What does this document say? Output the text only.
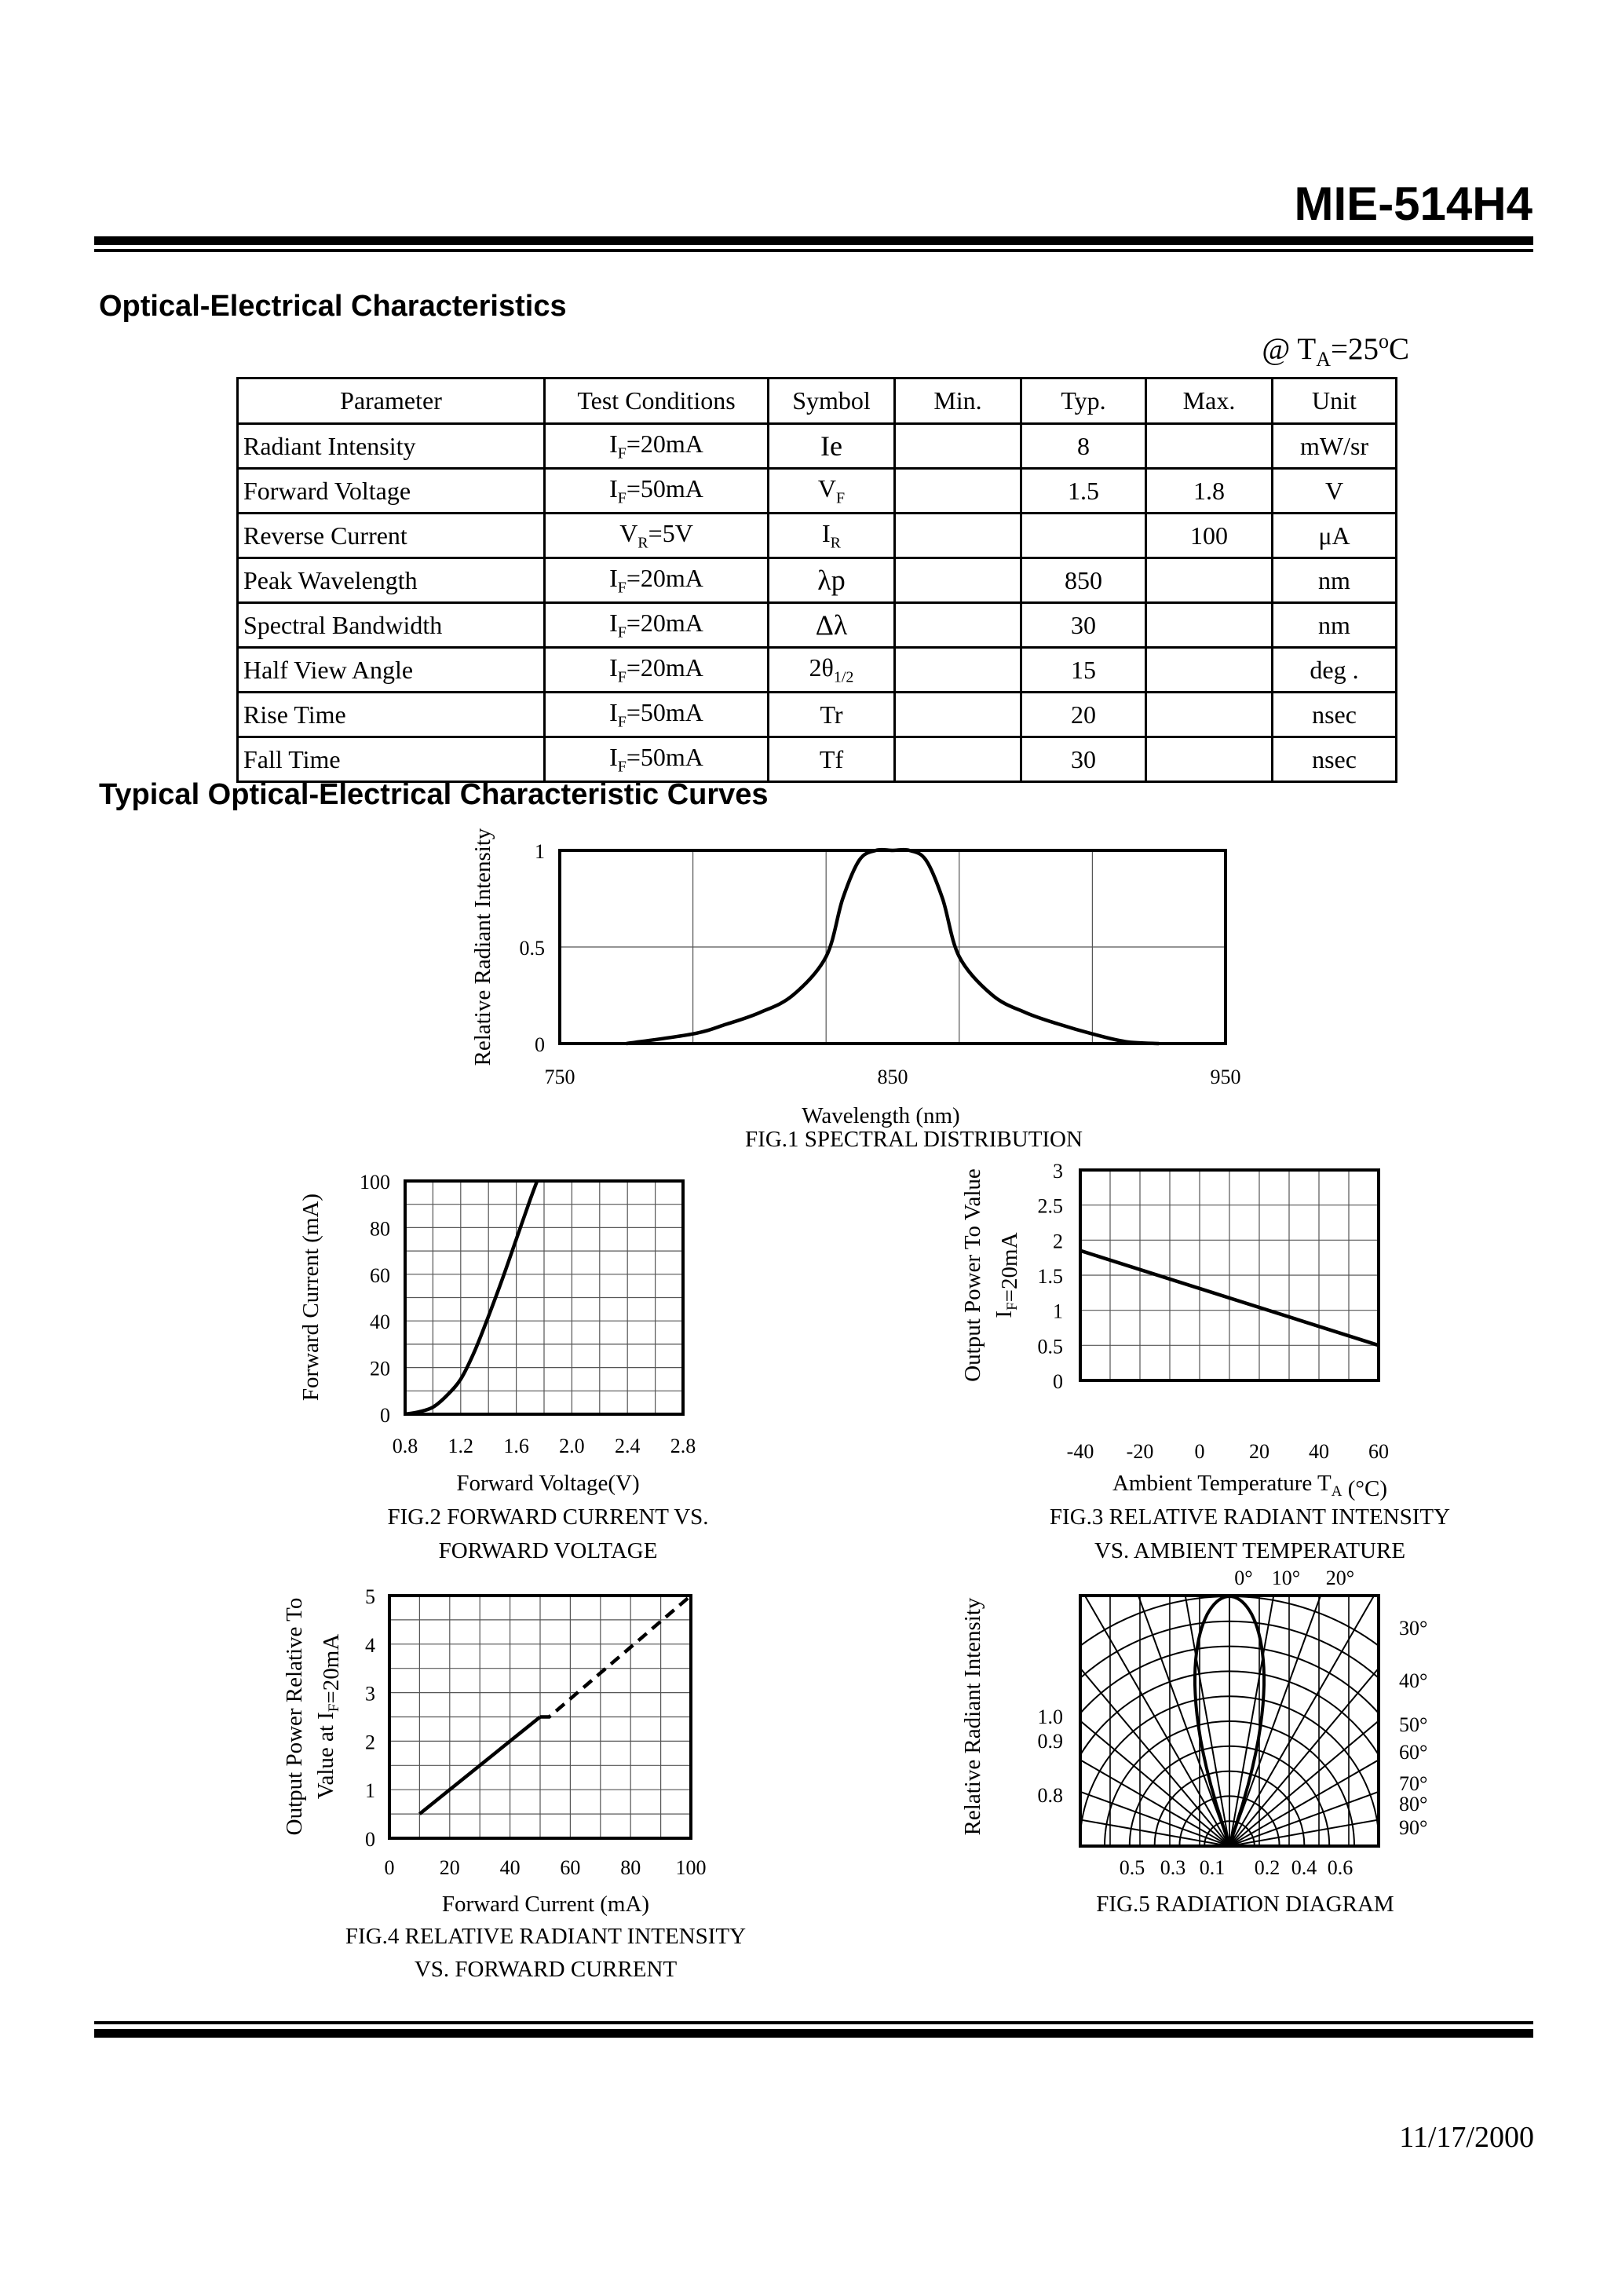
MIE-514H4
Optical-Electrical Characteristics
@ $T_A=25^oC$
Parameter	Test Conditions	Symbol	Min.	Typ.	Max.	Unit
Radiant Intensity	$I_F=20mA$	Ie		8		mW/sr
Forward Voltage	$I_F=50mA$	$V_F$		1.5	1.8	V
Reverse Current	$V_R=5V$	$I_R$			100	μA
Peak Wavelength	$I_F=20mA$	λp		850		nm
Spectral Bandwidth	$I_F=20mA$	Δλ		30		nm
Half View Angle	$I_F=20mA$	$2\theta_{1/2}$		15		deg .
Rise Time	$I_F=50mA$	Tr		20		nsec
Fall Time	$I_F=50mA$	Tf		30		nsec
Typical Optical-Electrical Characteristic Curves
0
0.5
1
750	850	950
Wavelength (nm)
FIG.1 SPECTRAL DISTRIBUTION
Relative Radiant Intensity
0
20
40
60
80
100
0.8 1.2 1.6 2.0 2.4 2.8
Forward Voltage(V)
FIG.2 FORWARD CURRENT VS.
FORWARD VOLTAGE
Forward Current (mA)	0
0.5
1
1.5
2
2.5
3
-40 -20 0 20 40 60
Ambient Temperature $T_A$ (°C)
FIG.3 RELATIVE RADIANT INTENSITY
VS. AMBIENT TEMPERATURE
Output Power To Value $I_F=20mA$
0
1
2
3
4
5
0 20 40 60 80 100
Forward Current (mA)
FIG.4 RELATIVE RADIANT INTENSITY
VS. FORWARD CURRENT
Output Power Relative To Value at $I_F=20mA$
0° 10° 20°
30°
40°
50°
60°
70°
80°
90°
1.0
0.9
0.8
0.5 0.3 0.1 0.2 0.4 0.6
FIG.5 RADIATION DIAGRAM
Relative Radiant Intensity
11/17/2000
